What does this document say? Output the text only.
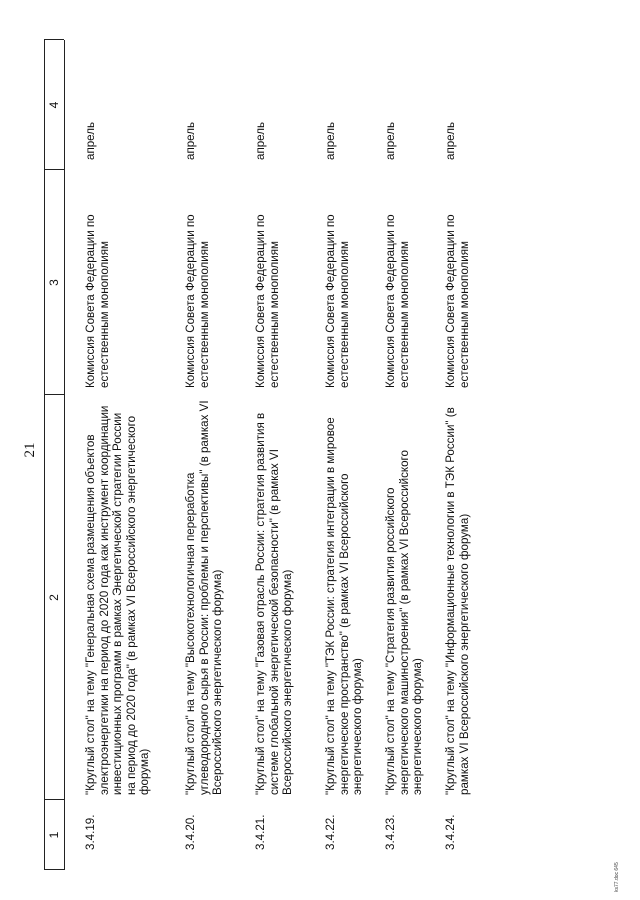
21
1
2
3
4
3.4.19.
"Круглый стол" на тему "Генеральная схема размещения объектов электроэнергетики на период до 2020 года как инструмент координации инвестиционных программ в рамках Энергетической стратегии России на период до 2020 года" (в рамках VI Всероссийского энергетического форума)
Комиссия Совета Федерации по естественным монополиям
апрель
3.4.20.
"Круглый стол" на тему "Высокотехнологичная переработка углеводородного сырья в России: проблемы и перспективы" (в рамках VI Всероссийского энергетического форума)
Комиссия Совета Федерации по естественным монополиям
апрель
3.4.21.
"Круглый стол" на тему "Газовая отрасль России: стратегия развития в системе глобальной энергетической безопасности" (в рамках VI Всероссийского энергетического форума)
Комиссия Совета Федерации по естественным монополиям
апрель
3.4.22.
"Круглый стол" на тему "ТЭК России: стратегия интеграции в мировое энергетическое пространство" (в рамках VI Всероссийского энергетического форума)
Комиссия Совета Федерации по естественным монополиям
апрель
3.4.23.
"Круглый стол" на тему "Стратегия развития российского энергетического машиностроения" (в рамках VI Всероссийского энергетического форума)
Комиссия Совета Федерации по естественным монополиям
апрель
3.4.24.
"Круглый стол" на тему "Информационные технологии в ТЭК России" (в рамках VI Всероссийского энергетического форума)
Комиссия Совета Федерации по естественным монополиям
апрель
ks77.doc 645
